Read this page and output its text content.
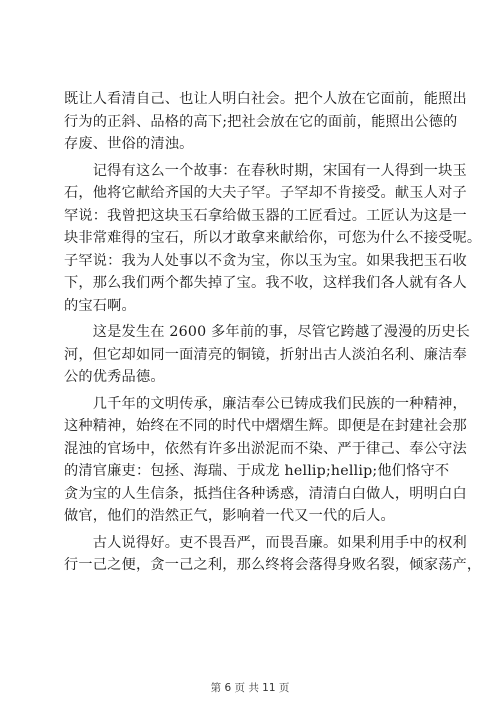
既让人看清自己、也让人明白社会。把个人放在它面前，能照出
行为的正斜、品格的高下;把社会放在它的面前，能照出公德的
存废、世俗的清浊。

　　记得有这么一个故事：在春秋时期，宋国有一人得到一块玉
石，他将它献给齐国的大夫子罕。子罕却不肯接受。献玉人对子
罕说：我曾把这块玉石拿给做玉器的工匠看过。工匠认为这是一
块非常难得的宝石，所以才敢拿来献给你，可您为什么不接受呢。
子罕说：我为人处事以不贪为宝，你以玉为宝。如果我把玉石收
下，那么我们两个都失掉了宝。我不收，这样我们各人就有各人
的宝石啊。

　　这是发生在 2600 多年前的事，尽管它跨越了漫漫的历史长
河，但它却如同一面清亮的铜镜，折射出古人淡泊名利、廉洁奉
公的优秀品德。

　　几千年的文明传承，廉洁奉公已铸成我们民族的一种精神，
这种精神，始终在不同的时代中熠熠生辉。即便是在封建社会那
混浊的官场中，依然有许多出淤泥而不染、严于律己、奉公守法
的清官廉吏：包拯、海瑞、于成龙 hellip;hellip;他们恪守不
贪为宝的人生信条，抵挡住各种诱惑，清清白白做人，明明白白
做官，他们的浩然正气，影响着一代又一代的后人。

　　古人说得好。吏不畏吾严，而畏吾廉。如果利用手中的权利
行一己之便，贪一己之利，那么终将会落得身败名裂，倾家荡产，

第 6 页 共 11 页
